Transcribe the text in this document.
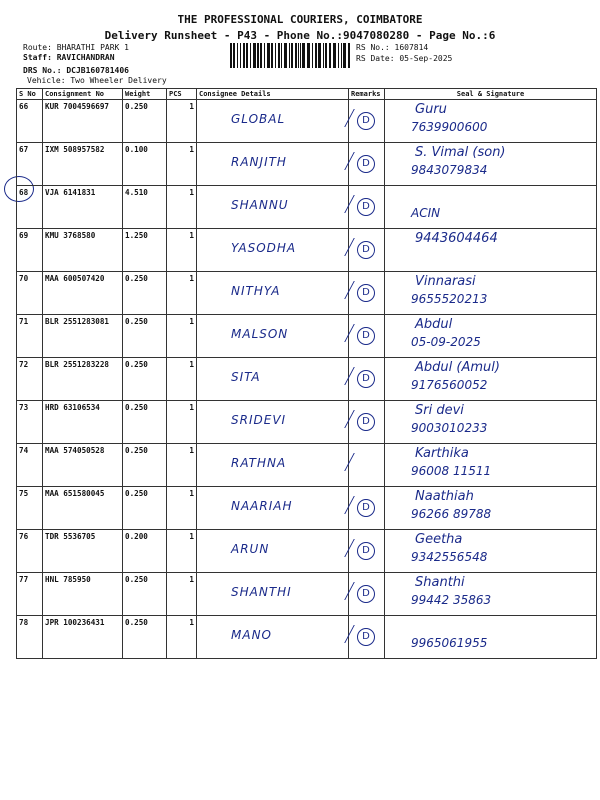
THE PROFESSIONAL COURIERS, COIMBATORE
Delivery Runsheet - P43 - Phone No.:9047080280 - Page No.:6
Route: BHARATHI PARK 1
Staff: RAVICHANDRAN
DRS No.: DCJB160781406
Vehicle: Two Wheeler Delivery
RS No.: 1607814
RS Date: 05-Sep-2025
S No	Consignment No	Weight	PCS	Consignee Details	Remarks	Seal & Signature
66	KUR 7004596697	0.250	1	GLOBAL	D	Guru
7639900600

67	IXM 508957582	0.100	1	RANJITH	D	S. Vimal (son)
9843079834

68	VJA 6141831	4.510	1	SHANNU	D	ACIN

69	KMU 3768580	1.250	1	YASODHA	D	9443604464

70	MAA 600507420	0.250	1	NITHYA	D	Vinnarasi
9655520213

71	BLR 2551283081	0.250	1	MALSON	D	Abdul
05-09-2025

72	BLR 2551283228	0.250	1	SITA	D	Abdul (Amul)
9176560052

73	HRD 63106534	0.250	1	SRIDEVI	D	Sri devi
9003010233

74	MAA 574050528	0.250	1	RATHNA		Karthika
96008 11511

75	MAA 651580045	0.250	1	NAARIAH	D	Naathiah
96266 89788

76	TDR 5536705	0.200	1	ARUN	D	Geetha
9342556548

77	HNL 785950	0.250	1	SHANTHI	D	Shanthi
99442 35863

78	JPR 100236431	0.250	1	MANO	D	9965061955
